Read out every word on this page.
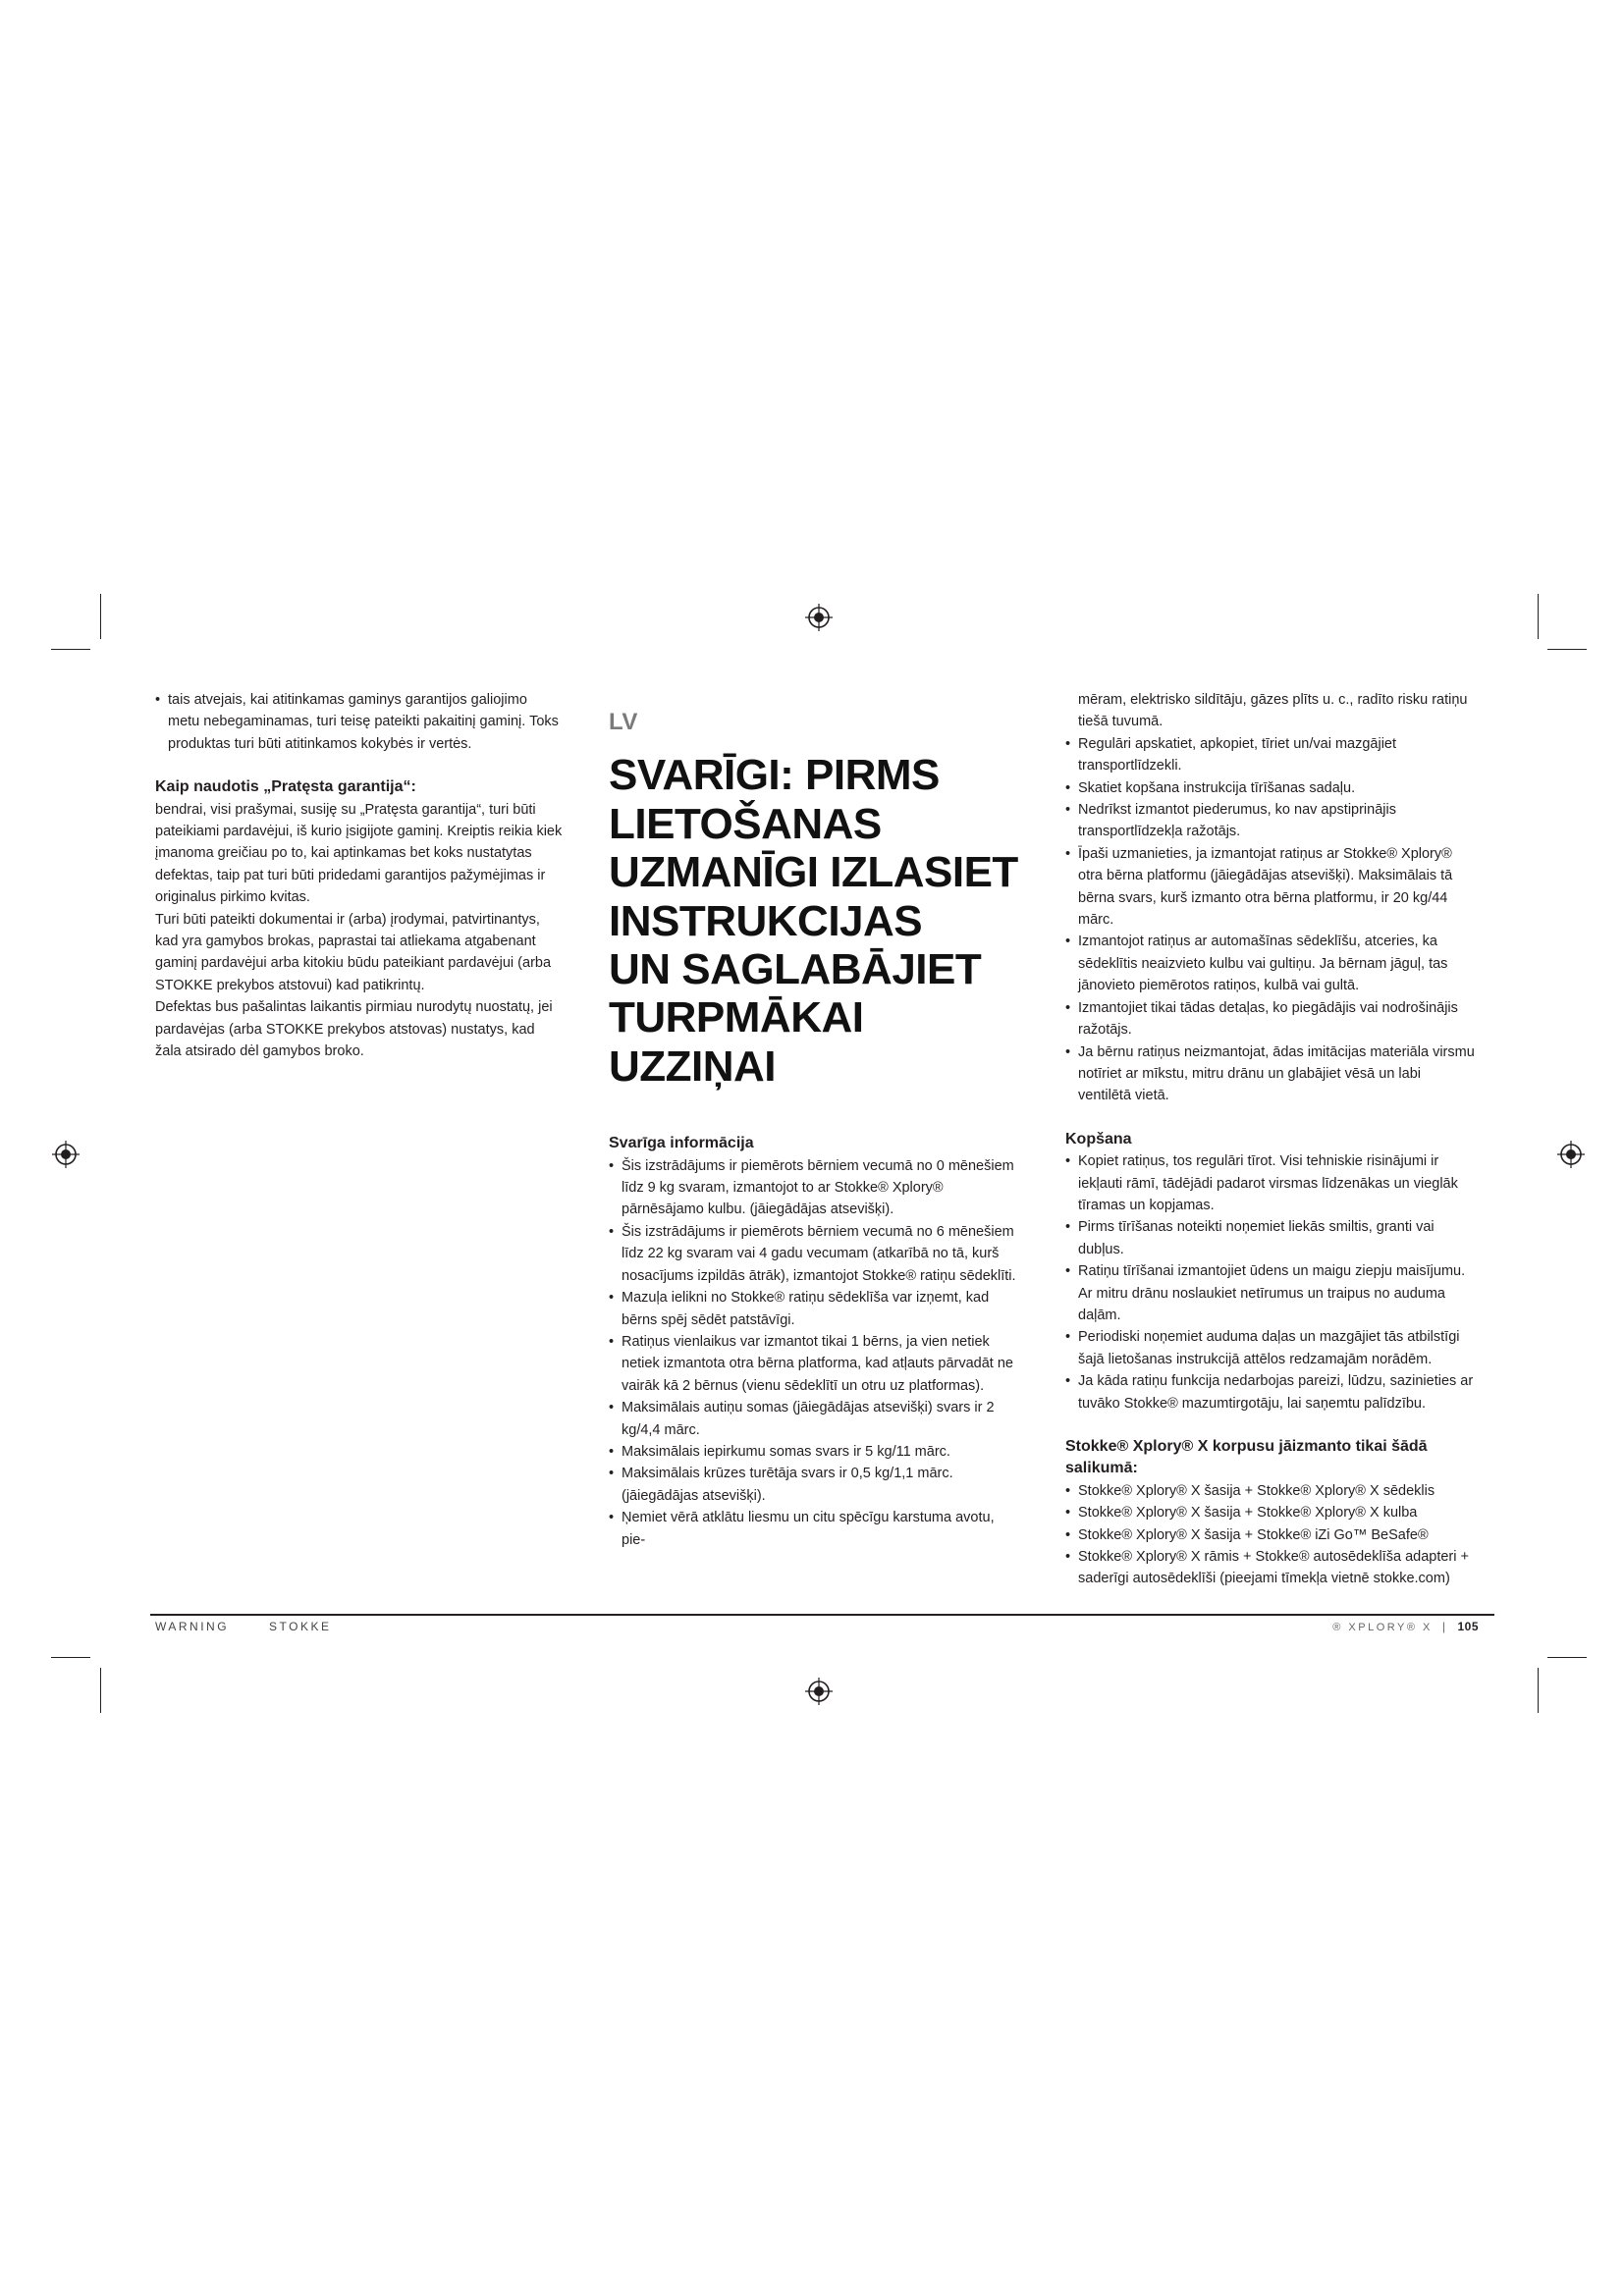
• tais atvejais, kai atitinkamas gaminys garantijos galiojimo metu nebegaminamas, turi teisę pateikti pakaitinį gaminį. Toks produktas turi būti atitinkamos kokybės ir vertės.

Kaip naudotis „Pratęsta garantija“:

bendrai, visi prašymai, susiję su „Pratęsta garantija“, turi būti pateikiami pardavėjui, iš kurio įsigijote gaminį. Kreiptis reikia kiek įmanoma greičiau po to, kai aptinkamas bet koks nustatytas defektas, taip pat turi būti pridedami garantijos pažymėjimas ir originalus pirkimo kvitas.

Turi būti pateikti dokumentai ir (arba) įrodymai, patvirtinantys, kad yra gamybos brokas, paprastai tai atliekama atgabenant gaminį pardavėjui arba kitokiu būdu pateikiant pardavėjui (arba STOKKE prekybos atstovui) kad patikrintų.

Defektas bus pašalintas laikantis pirmiau nurodytų nuostatų, jei pardavėjas (arba STOKKE prekybos atstovas) nustatys, kad žala atsirado dėl gamybos broko.

LV
SVARĪGI: PIRMS
LIETOŠANAS
UZMANĪGI IZLASIET
INSTRUKCIJAS
UN SAGLABĀJIET
TURPMĀKAI UZZIŅAI

Svarīga informācija

• Šis izstrādājums ir piemērots bērniem vecumā no 0 mēnešiem līdz 9 kg svaram, izmantojot to ar Stokke® Xplory® pārnēsājamo kulbu. (jāiegādājas atsevišķi).

• Šis izstrādājums ir piemērots bērniem vecumā no 6 mēnešiem līdz 22 kg svaram vai 4 gadu vecumam (atkarībā no tā, kurš nosacījums izpildās ātrāk), izmantojot Stokke® ratiņu sēdeklīti.

• Mazuļa ielikni no Stokke® ratiņu sēdeklīša var izņemt, kad bērns spēj sēdēt patstāvīgi.

• Ratiņus vienlaikus var izmantot tikai 1 bērns, ja vien netiek netiek izmantota otra bērna platforma, kad atļauts pārvadāt ne vairāk kā 2 bērnus (vienu sēdeklītī un otru uz platformas).

• Maksimālais autiņu somas (jāiegādājas atsevišķi) svars ir 2 kg/4,4 mārc.

• Maksimālais iepirkumu somas svars ir 5 kg/11 mārc.

• Maksimālais krūzes turētāja svars ir 0,5 kg/1,1 mārc.(jāiegādājas atsevišķi).

• Ņemiet vērā atklātu liesmu un citu spēcīgu karstuma avotu, pie-

mēram, elektrisko sildītāju, gāzes plīts u. c., radīto risku ratiņu tiešā tuvumā.

• Regulāri apskatiet, apkopiet, tīriet un/vai mazgājiet transportlīdzekli.

• Skatiet kopšana instrukcija tīrīšanas sadaļu.

• Nedrīkst izmantot piederumus, ko nav apstiprinājis transportlīdzekļa ražotājs.

• Īpaši uzmanieties, ja izmantojat ratiņus ar Stokke® Xplory® otra bērna platformu (jāiegādājas atsevišķi). Maksimālais tā bērna svars, kurš izmanto otra bērna platformu, ir 20 kg/44 mārc.

• Izmantojot ratiņus ar automašīnas sēdeklīšu, atceries, ka sēdeklītis neaizvieto kulbu vai gultiņu. Ja bērnam jāguļ, tas jānovieto piemērotos ratiņos, kulbā vai gultā.

• Izmantojiet tikai tādas detaļas, ko piegādājis vai nodrošinājis ražotājs.

• Ja bērnu ratiņus neizmantojat, ādas imitācijas materiāla virsmu notīriet ar mīkstu, mitru drānu un glabājiet vēsā un labi ventilētā vietā.

Kopšana

• Kopiet ratiņus, tos regulāri tīrot. Visi tehniskie risinājumi ir iekļauti rāmī, tādējādi padarot virsmas līdzenākas un vieglāk tīramas un kopjamas.

• Pirms tīrīšanas noteikti noņemiet liekās smiltis, granti vai dubļus.

• Ratiņu tīrīšanai izmantojiet ūdens un maigu ziepju maisījumu. Ar mitru drānu noslaukiet netīrumus un traipus no auduma daļām.

• Periodiski noņemiet auduma daļas un mazgājiet tās atbilstīgi šajā lietošanas instrukcijā attēlos redzamajām norādēm.

• Ja kāda ratiņu funkcija nedarbojas pareizi, lūdzu, sazinieties ar tuvāko Stokke® mazumtirgotāju, lai saņemtu palīdzību.

Stokke® Xplory® X korpusu jāizmanto tikai šādā salikumā:

• Stokke® Xplory® X šasija + Stokke® Xplory® X sēdeklis

• Stokke® Xplory® X šasija + Stokke® Xplory® X kulba

• Stokke® Xplory® X šasija + Stokke® iZi Go™ BeSafe®

• Stokke® Xplory® X rāmis + Stokke® autosēdeklīša adapteri + saderīgi autosēdeklīši (pieejami tīmekļa vietnē stokke.com)

WARNING	STOKKE	® XPLORY® X | 105
